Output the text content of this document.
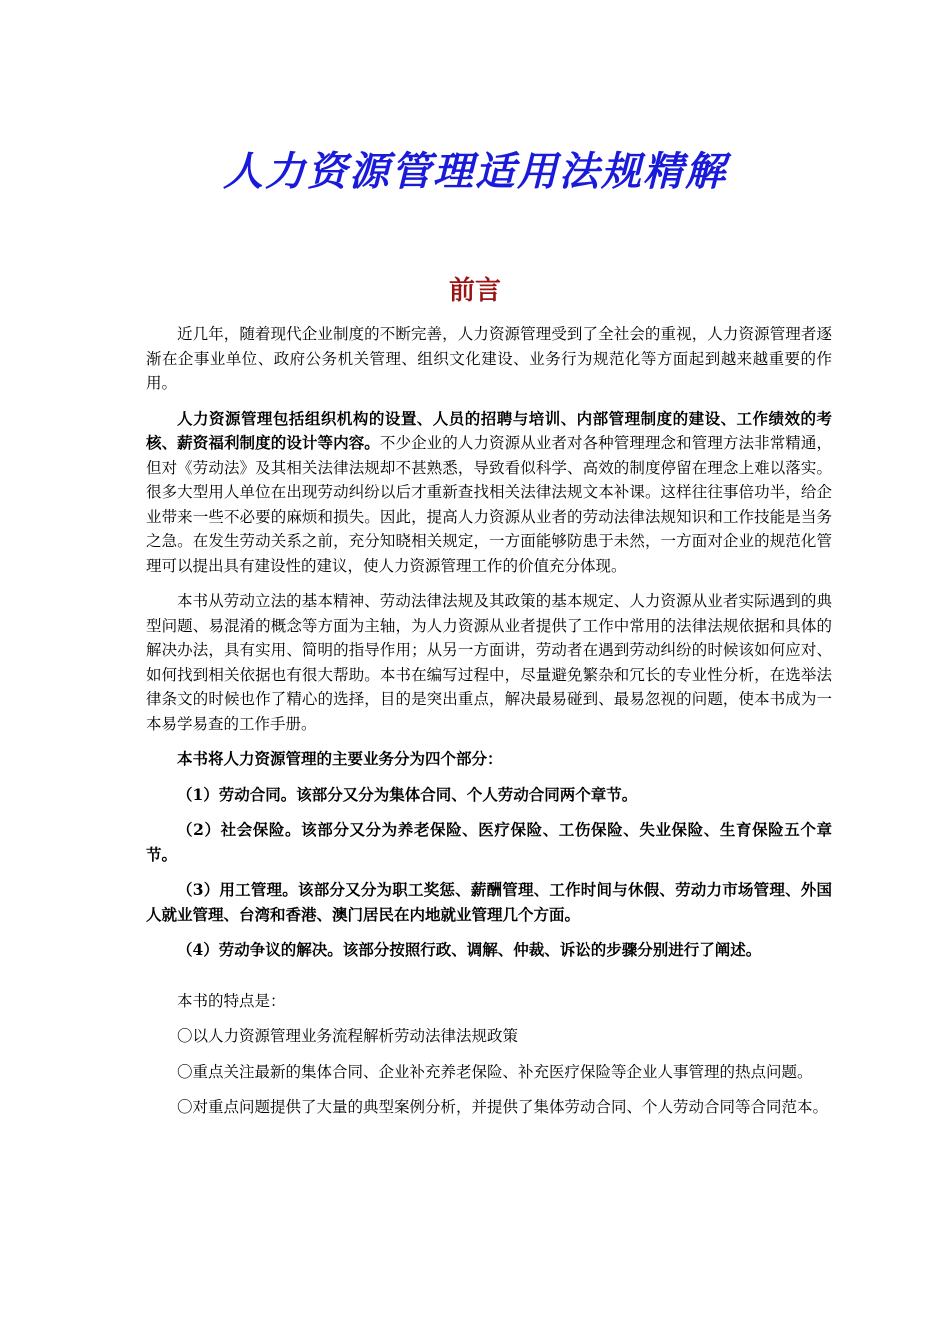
人力资源管理适用法规精解
前言

近几年，随着现代企业制度的不断完善，人力资源管理受到了全社会的重视，人力资源管理者逐渐在企事业单位、政府公务机关管理、组织文化建设、业务行为规范化等方面起到越来越重要的作用。

人力资源管理包括组织机构的设置、人员的招聘与培训、内部管理制度的建设、工作绩效的考核、薪资福利制度的设计等内容。不少企业的人力资源从业者对各种管理理念和管理方法非常精通，但对《劳动法》及其相关法律法规却不甚熟悉，导致看似科学、高效的制度停留在理念上难以落实。很多大型用人单位在出现劳动纠纷以后才重新查找相关法律法规文本补课。这样往往事倍功半，给企业带来一些不必要的麻烦和损失。因此，提高人力资源从业者的劳动法律法规知识和工作技能是当务之急。在发生劳动关系之前，充分知晓相关规定，一方面能够防患于未然，一方面对企业的规范化管理可以提出具有建设性的建议，使人力资源管理工作的价值充分体现。

本书从劳动立法的基本精神、劳动法律法规及其政策的基本规定、人力资源从业者实际遇到的典型问题、易混淆的概念等方面为主轴，为人力资源从业者提供了工作中常用的法律法规依据和具体的解决办法，具有实用、简明的指导作用；从另一方面讲，劳动者在遇到劳动纠纷的时候该如何应对、如何找到相关依据也有很大帮助。本书在编写过程中，尽量避免繁杂和冗长的专业性分析，在选举法律条文的时候也作了精心的选择，目的是突出重点，解决最易碰到、最易忽视的问题，使本书成为一本易学易查的工作手册。

本书将人力资源管理的主要业务分为四个部分：

（1）劳动合同。该部分又分为集体合同、个人劳动合同两个章节。

（2）社会保险。该部分又分为养老保险、医疗保险、工伤保险、失业保险、生育保险五个章节。

（3）用工管理。该部分又分为职工奖惩、薪酬管理、工作时间与休假、劳动力市场管理、外国人就业管理、台湾和香港、澳门居民在内地就业管理几个方面。

（4）劳动争议的解决。该部分按照行政、调解、仲裁、诉讼的步骤分别进行了阐述。

本书的特点是：

〇以人力资源管理业务流程解析劳动法律法规政策

〇重点关注最新的集体合同、企业补充养老保险、补充医疗保险等企业人事管理的热点问题。

〇对重点问题提供了大量的典型案例分析，并提供了集体劳动合同、个人劳动合同等合同范本。
